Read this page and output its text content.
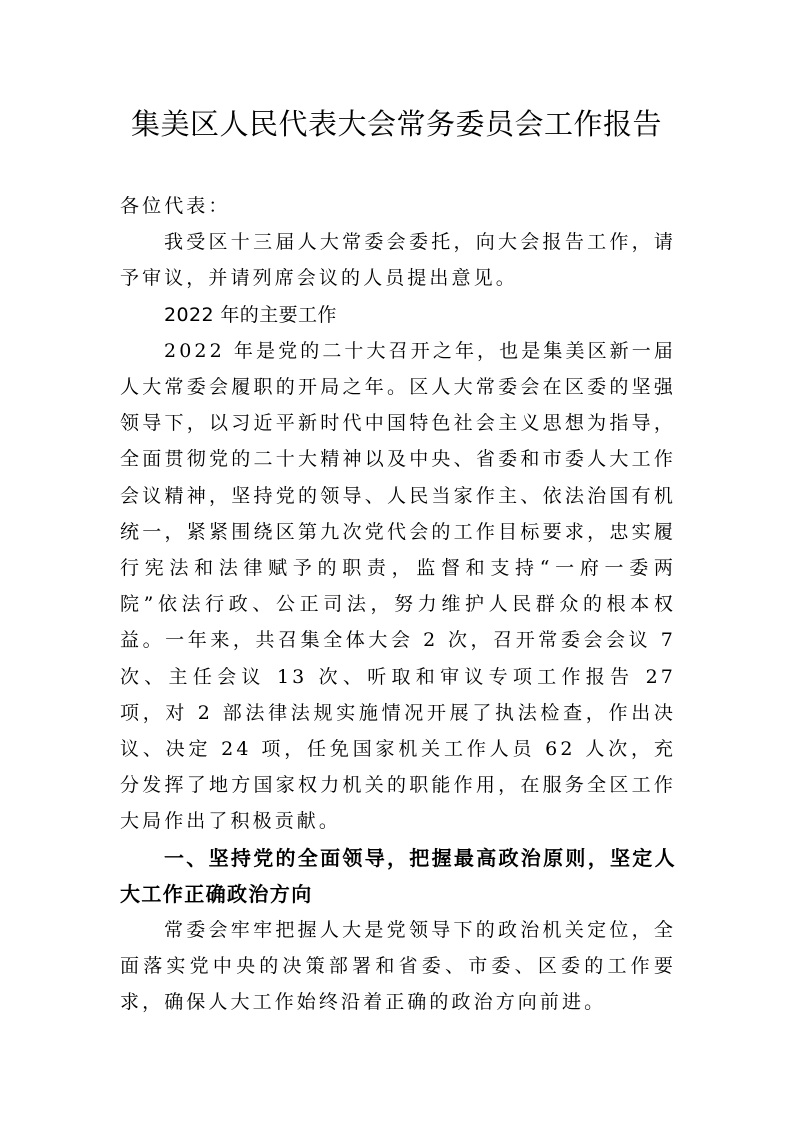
集美区人民代表大会常务委员会工作报告

各位代表：

我受区十三届人大常委会委托，向大会报告工作，请予审议，并请列席会议的人员提出意见。

2022 年的主要工作

2022 年是党的二十大召开之年，也是集美区新一届人大常委会履职的开局之年。区人大常委会在区委的坚强领导下，以习近平新时代中国特色社会主义思想为指导，全面贯彻党的二十大精神以及中央、省委和市委人大工作会议精神，坚持党的领导、人民当家作主、依法治国有机统一，紧紧围绕区第九次党代会的工作目标要求，忠实履行宪法和法律赋予的职责，监督和支持“一府一委两院”依法行政、公正司法，努力维护人民群众的根本权益。一年来，共召集全体大会 2 次，召开常委会会议 7 次、主任会议 13 次、听取和审议专项工作报告 27 项，对 2 部法律法规实施情况开展了执法检查，作出决议、决定 24 项，任免国家机关工作人员 62 人次，充分发挥了地方国家权力机关的职能作用，在服务全区工作大局作出了积极贡献。

一、坚持党的全面领导，把握最高政治原则，坚定人大工作正确政治方向

常委会牢牢把握人大是党领导下的政治机关定位，全面落实党中央的决策部署和省委、市委、区委的工作要求，确保人大工作始终沿着正确的政治方向前进。
